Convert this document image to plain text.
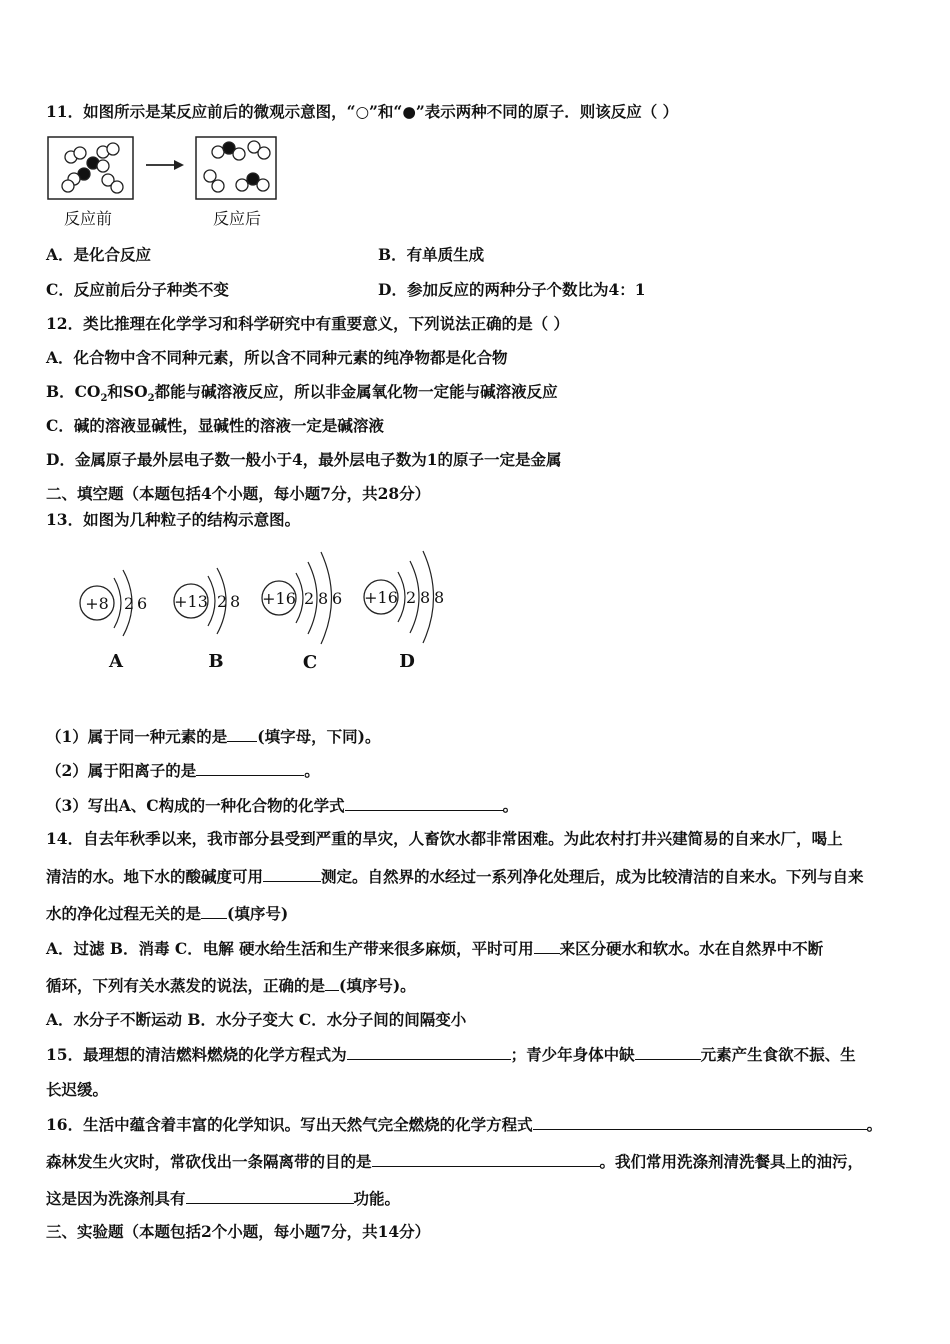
11．如图所示是某反应前后的微观示意图，“○”和“●”表示两种不同的原子．则该反应（ ）
反应前	反应后
A．是化合反应	B．有单质生成
C．反应前后分子种类不变	D．参加反应的两种分子个数比为4：1
12．类比推理在化学学习和科学研究中有重要意义，下列说法正确的是（ ）
A．化合物中含不同种元素，所以含不同种元素的纯净物都是化合物
B．$CO_2$和$SO_2$都能与碱溶液反应，所以非金属氧化物一定能与碱溶液反应
C．碱的溶液显碱性，显碱性的溶液一定是碱溶液
D．金属原子最外层电子数一般小于4，最外层电子数为1的原子一定是金属
二、填空题（本题包括4个小题，每小题7分，共28分）
13．如图为几种粒子的结构示意图。
+8 2 6
A
+13 2 8
B
+16 2 8 6
C
+16 2 8 8
D
（1）属于同一种元素的是 (填字母，下同)。
（2）属于阳离子的是	。
（3）写出A、C构成的一种化合物的化学式	。
14．自去年秋季以来，我市部分县受到严重的旱灾，人畜饮水都非常困难。为此农村打井兴建简易的自来水厂，喝上
清洁的水。地下水的酸碱度可用	测定。自然界的水经过一系列净化处理后，成为比较清洁的自来水。下列与自来
水的净化过程无关的是 (填序号)
A．过滤 B．消毒 C．电解 硬水给生活和生产带来很多麻烦，平时可用 来区分硬水和软水。水在自然界中不断
循环，下列有关水蒸发的说法，正确的是 (填序号)。
A．水分子不断运动 B．水分子变大 C．水分子间的间隔变小
15．最理想的清洁燃料燃烧的化学方程式为	；青少年身体中缺	元素产生食欲不振、生
长迟缓。
16．生活中蕴含着丰富的化学知识。写出天然气完全燃烧的化学方程式	。
森林发生火灾时，常砍伐出一条隔离带的目的是	。我们常用洗涤剂清洗餐具上的油污，
这是因为洗涤剂具有	功能。
三、实验题（本题包括2个小题，每小题7分，共14分）
